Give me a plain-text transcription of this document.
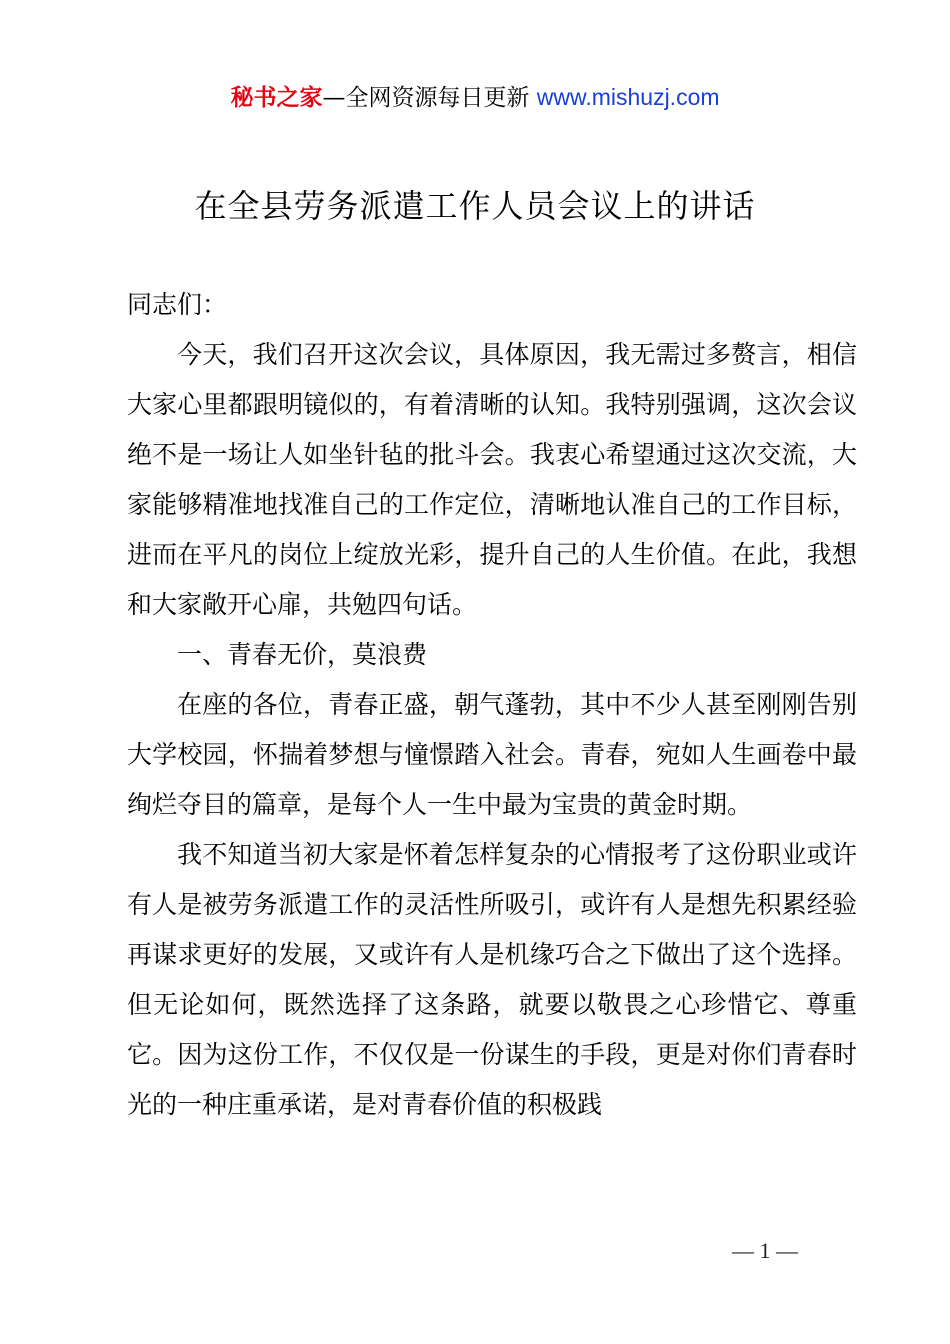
秘书之家—全网资源每日更新 www.mishuzj.com
在全县劳务派遣工作人员会议上的讲话

同志们：

今天，我们召开这次会议，具体原因，我无需过多赘言，相信大家心里都跟明镜似的，有着清晰的认知。我特别强调，这次会议绝不是一场让人如坐针毡的批斗会。我衷心希望通过这次交流，大家能够精准地找准自己的工作定位，清晰地认准自己的工作目标，进而在平凡的岗位上绽放光彩，提升自己的人生价值。在此，我想和大家敞开心扉，共勉四句话。

一、青春无价，莫浪费

在座的各位，青春正盛，朝气蓬勃，其中不少人甚至刚刚告别大学校园，怀揣着梦想与憧憬踏入社会。青春，宛如人生画卷中最绚烂夺目的篇章，是每个人一生中最为宝贵的黄金时期。

我不知道当初大家是怀着怎样复杂的心情报考了这份职业或许有人是被劳务派遣工作的灵活性所吸引，或许有人是想先积累经验再谋求更好的发展，又或许有人是机缘巧合之下做出了这个选择。但无论如何，既然选择了这条路，就要以敬畏之心珍惜它、尊重它。因为这份工作，不仅仅是一份谋生的手段，更是对你们青春时光的一种庄重承诺，是对青春价值的积极践

— 1 —
